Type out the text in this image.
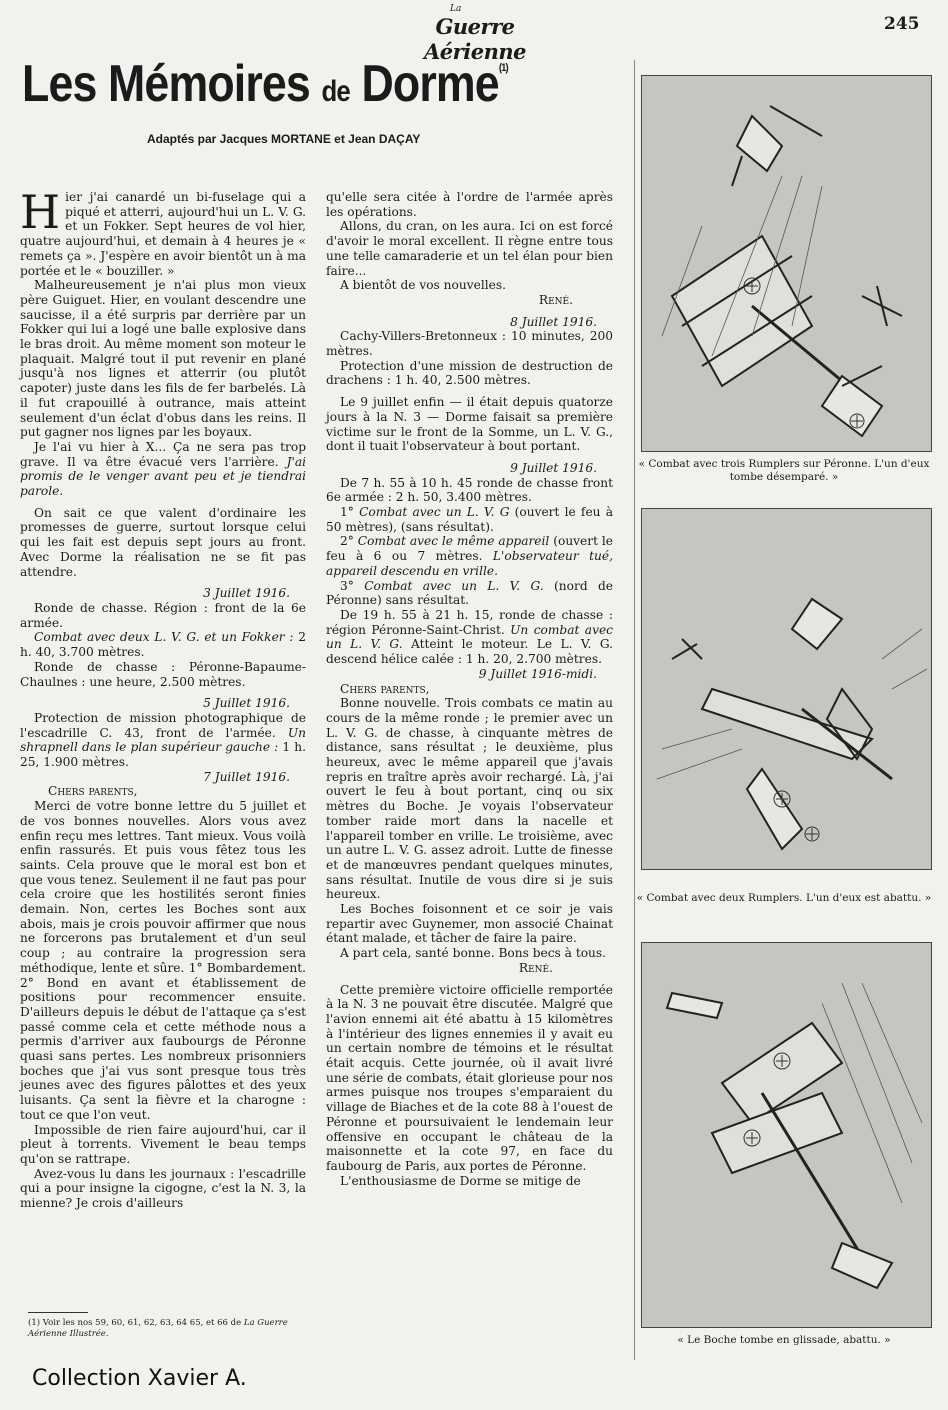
La
Guerre Aérienne
245
Les Mémoires de Dorme$^{(1)}$
Adaptés par Jacques MORTANE et Jean DAÇAY

Hier j'ai canardé un bi-fuselage qui a piqué et atterri, aujourd'hui un L. V. G. et un Fokker. Sept heures de vol hier, quatre aujourd'hui, et demain à 4 heures je « remets ça ». J'espère en avoir bientôt un à ma portée et le « bouziller. »

Malheureusement je n'ai plus mon vieux père Guiguet. Hier, en voulant descendre une saucisse, il a été surpris par derrière par un Fokker qui lui a logé une balle explosive dans le bras droit. Au même moment son moteur le plaquait. Malgré tout il put revenir en plané jusqu'à nos lignes et atterrir (ou plutôt capoter) juste dans les fils de fer barbelés. Là il fut crapouillé à outrance, mais atteint seulement d'un éclat d'obus dans les reins. Il put gagner nos lignes par les boyaux.

Je l'ai vu hier à X... Ça ne sera pas trop grave. Il va être évacué vers l'arrière. J'ai promis de le venger avant peu et je tiendrai parole.

On sait ce que valent d'ordinaire les promesses de guerre, surtout lorsque celui qui les fait est depuis sept jours au front. Avec Dorme la réalisation ne se fit pas attendre.

3 Juillet 1916.

Ronde de chasse. Région : front de la 6e armée.

Combat avec deux L. V. G. et un Fokker : 2 h. 40, 3.700 mètres.

Ronde de chasse : Péronne-Bapaume-Chaulnes : une heure, 2.500 mètres.

5 Juillet 1916.

Protection de mission photographique de l'escadrille C. 43, front de l'armée. Un shrapnell dans le plan supérieur gauche : 1 h. 25, 1.900 mètres.

7 Juillet 1916.

Chers parents,

Merci de votre bonne lettre du 5 juillet et de vos bonnes nouvelles. Alors vous avez enfin reçu mes lettres. Tant mieux. Vous voilà enfin rassurés. Et puis vous fêtez tous les saints. Cela prouve que le moral est bon et que vous tenez. Seulement il ne faut pas pour cela croire que les hostilités seront finies demain. Non, certes les Boches sont aux abois, mais je crois pouvoir affirmer que nous ne forcerons pas brutalement et d'un seul coup ; au contraire la progression sera méthodique, lente et sûre. 1° Bombardement. 2° Bond en avant et établissement de positions pour recommencer ensuite. D'ailleurs depuis le début de l'attaque ça s'est passé comme cela et cette méthode nous a permis d'arriver aux faubourgs de Péronne quasi sans pertes. Les nombreux prisonniers boches que j'ai vus sont presque tous très jeunes avec des figures pâlottes et des yeux luisants. Ça sent la fièvre et la charogne : tout ce que l'on veut.

Impossible de rien faire aujourd'hui, car il pleut à torrents. Vivement le beau temps qu'on se rattrape.

Avez-vous lu dans les journaux : l'escadrille qui a pour insigne la cigogne, c'est la N. 3, la mienne? Je crois d'ailleurs

qu'elle sera citée à l'ordre de l'armée après les opérations.

Allons, du cran, on les aura. Ici on est forcé d'avoir le moral excellent. Il règne entre tous une telle camaraderie et un tel élan pour bien faire...

A bientôt de vos nouvelles.

René.

8 Juillet 1916.

Cachy-Villers-Bretonneux : 10 minutes, 200 mètres.

Protection d'une mission de destruction de drachens : 1 h. 40, 2.500 mètres.

Le 9 juillet enfin — il était depuis quatorze jours à la N. 3 — Dorme faisait sa première victime sur le front de la Somme, un L. V. G., dont il tuait l'observateur à bout portant.

9 Juillet 1916.

De 7 h. 55 à 10 h. 45 ronde de chasse front 6e armée : 2 h. 50, 3.400 mètres.

1° Combat avec un L. V. G (ouvert le feu à 50 mètres), (sans résultat).

2° Combat avec le même appareil (ouvert le feu à 6 ou 7 mètres. L'observateur tué, appareil descendu en vrille.

3° Combat avec un L. V. G. (nord de Péronne) sans résultat.

De 19 h. 55 à 21 h. 15, ronde de chasse : région Péronne-Saint-Christ. Un combat avec un L. V. G. Atteint le moteur. Le L. V. G. descend hélice calée : 1 h. 20, 2.700 mètres.

9 Juillet 1916-midi.

Chers parents,

Bonne nouvelle. Trois combats ce matin au cours de la même ronde ; le premier avec un L. V. G. de chasse, à cinquante mètres de distance, sans résultat ; le deuxième, plus heureux, avec le même appareil que j'avais repris en traître après avoir rechargé. Là, j'ai ouvert le feu à bout portant, cinq ou six mètres du Boche. Je voyais l'observateur tomber raide mort dans la nacelle et l'appareil tomber en vrille. Le troisième, avec un autre L. V. G. assez adroit. Lutte de finesse et de manœuvres pendant quelques minutes, sans résultat. Inutile de vous dire si je suis heureux.

Les Boches foisonnent et ce soir je vais repartir avec Guynemer, mon associé Chainat étant malade, et tâcher de faire la paire.

A part cela, santé bonne. Bons becs à tous.

René.

Cette première victoire officielle remportée à la N. 3 ne pouvait être discutée. Malgré que l'avion ennemi ait été abattu à 15 kilomètres à l'intérieur des lignes ennemies il y avait eu un certain nombre de témoins et le résultat était acquis. Cette journée, où il avait livré une série de combats, était glorieuse pour nos armes puisque nos troupes s'emparaient du village de Biaches et de la cote 88 à l'ouest de Péronne et poursuivaient le lendemain leur offensive en occupant le château de la maisonnette et la cote 97, en face du faubourg de Paris, aux portes de Péronne.

L'enthousiasme de Dorme se mitige de

(1) Voir les nos 59, 60, 61, 62, 63, 64 65, et 66 de La Guerre Aérienne Illustrée.
« Combat avec trois Rumplers sur Péronne. L'un d'eux tombe désemparé. »
« Combat avec deux Rumplers. L'un d'eux est abattu. »
« Le Boche tombe en glissade, abattu. »
Collection Xavier A.
